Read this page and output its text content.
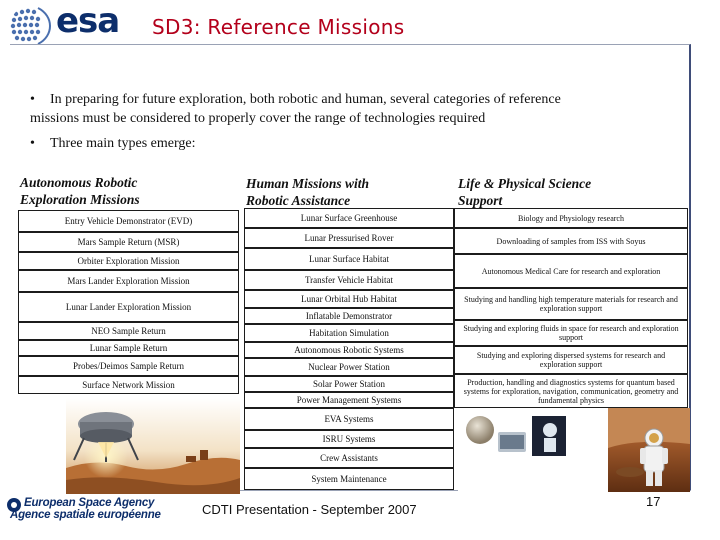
esa SD3: Reference Missions
• In preparing for future exploration, both robotic and human, several categories of reference
missions must be considered to properly cover the range of technologies required
• Three main types emerge:
Autonomous Robotic
Exploration Missions
Human Missions with
Robotic Assistance
Life & Physical Science
Support
Entry Vehicle Demonstrator (EVD)
Mars Sample Return (MSR)
Orbiter Exploration Mission
Mars Lander Exploration Mission
Lunar Lander Exploration Mission
NEO Sample Return
Lunar Sample Return
Probes/Deimos Sample Return
Surface Network Mission
Lunar Surface Greenhouse
Lunar Pressurised Rover
Lunar Surface Habitat
Transfer Vehicle Habitat
Lunar Orbital Hub Habitat
Inflatable Demonstrator
Habitation Simulation
Autonomous Robotic Systems
Nuclear Power Station
Solar Power Station
Power Management Systems
EVA Systems
ISRU Systems
Crew Assistants
System Maintenance
Biology and Physiology research
Downloading of samples from ISS with Soyus
Autonomous Medical Care for research and exploration
Studying and handling high temperature materials for research and exploration support
Studying and exploring fluids in space for research and exploration support
Studying and exploring dispersed systems for research and exploration support
Production, handling and diagnostics systems for quantum based systems for exploration, navigation, communication, geometry and fundamental physics
European Space Agency
Agence spatiale européenne	CDTI Presentation - September 2007
17
